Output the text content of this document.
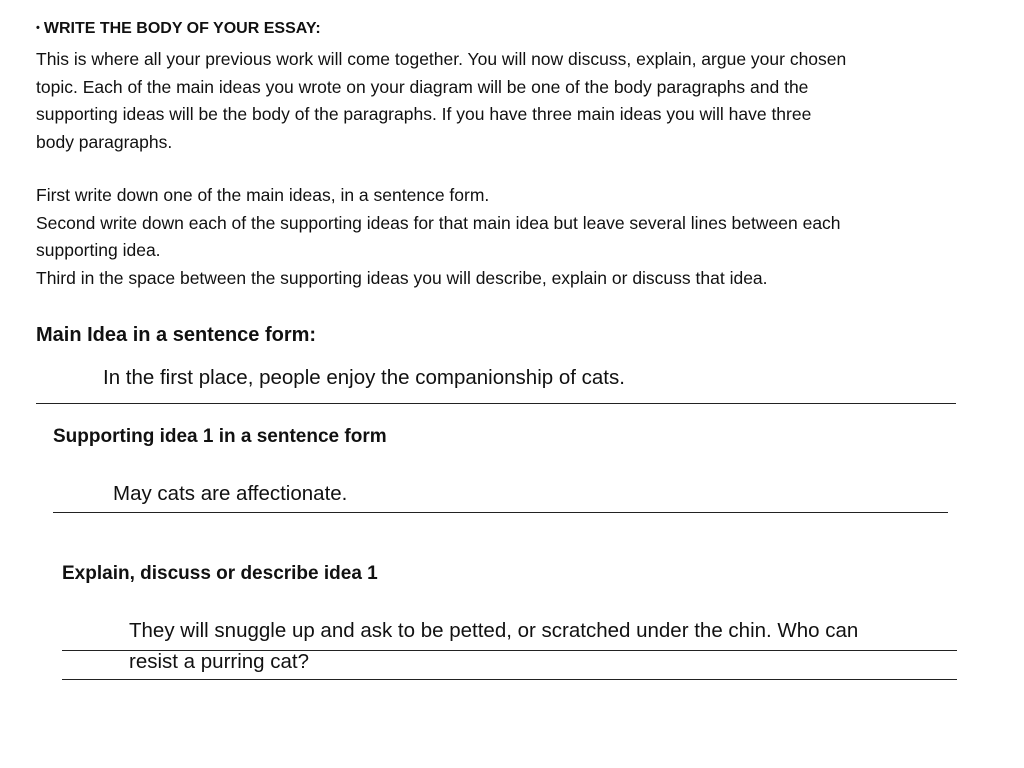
• WRITE THE BODY OF YOUR ESSAY:
This is where all your previous work will come together. You will now discuss, explain, argue your chosen
topic. Each of the main ideas you wrote on your diagram will be one of the body paragraphs and the
supporting ideas will be the body of the paragraphs. If you have three main ideas you will have three
body paragraphs.
First write down one of the main ideas, in a sentence form.
Second write down each of the supporting ideas for that main idea but leave several lines between each
supporting idea.
Third in the space between the supporting ideas you will describe, explain or discuss that idea.
Main Idea in a sentence form:
In the first place, people enjoy the companionship of cats.
Supporting idea 1 in a sentence form
May cats are affectionate.
Explain, discuss or describe idea 1
They will snuggle up and ask to be petted, or scratched under the chin. Who can
resist a purring cat?
